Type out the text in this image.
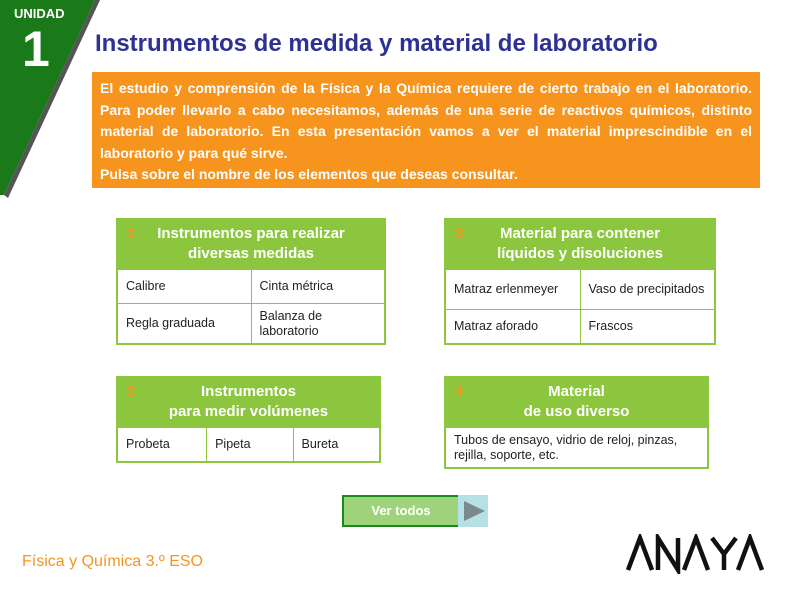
UNIDAD
1 Instrumentos de medida y material de laboratorio

El estudio y comprensión de la Física y la Química requiere de cierto trabajo en el laboratorio. Para poder llevarlo a cabo necesitamos, además de una serie de reactivos químicos, distinto material de laboratorio. En esta presentación vamos a ver el material imprescindible en el laboratorio y para qué sirve.

Pulsa sobre el nombre de los elementos que deseas consultar.

1 Instrumentos para realizar
diversas medidas
Calibre	Cinta métrica
Regla graduada	Balanza de laboratorio
3 Material para contener
líquidos y disoluciones
Matraz erlenmeyer	Vaso de precipitados
Matraz aforado	Frascos
2	Instrumentos
para medir volúmenes
Probeta	Pipeta	Bureta
4	Material
de uso diverso
Tubos de ensayo, vidrio de reloj, pinzas, rejilla, soporte, etc.
Ver todos
Física y Química 3.º ESO
